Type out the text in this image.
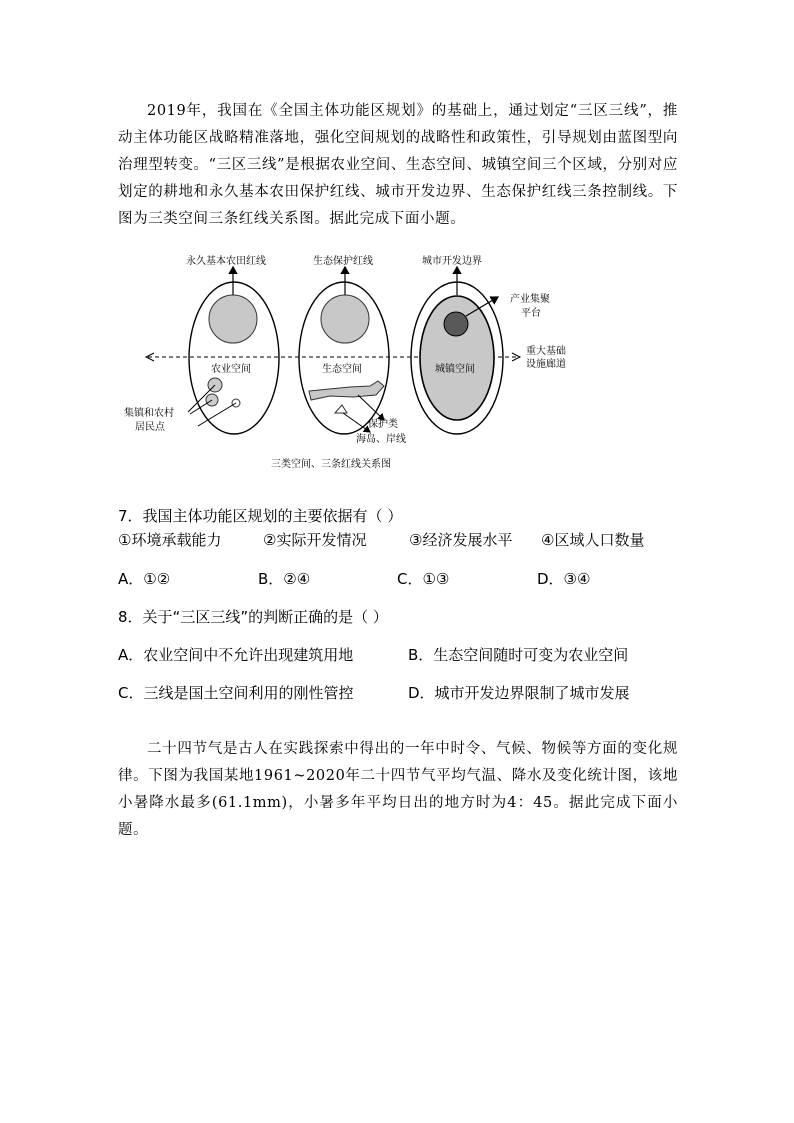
2019年，我国在《全国主体功能区规划》的基础上，通过划定“三区三线”，推动主体功能区战略精准落地，强化空间规划的战略性和政策性，引导规划由蓝图型向治理型转变。“三区三线”是根据农业空间、生态空间、城镇空间三个区域，分别对应划定的耕地和永久基本农田保护红线、城市开发边界、生态保护红线三条控制线。下图为三类空间三条红线关系图。据此完成下面小题。

永久基本农田红线	生态保护红线	城市开发边界
产业集聚
平台
重大基础
设施廊道
农业空间	生态空间	城镇空间
集镇和农村
居民点	保护类
海岛、岸线
三类空间、三条红线关系图
7．我国主体功能区规划的主要依据有（ ）
①环境承载能力	②实际开发情况	③经济发展水平 ④区域人口数量
A．①②	B．②④	C．①③	D．③④
8．关于“三区三线”的判断正确的是（ ）
A．农业空间中不允许出现建筑用地	B．生态空间随时可变为农业空间
C．三线是国土空间利用的刚性管控	D．城市开发边界限制了城市发展

二十四节气是古人在实践探索中得出的一年中时令、气候、物候等方面的变化规律。下图为我国某地1961~2020年二十四节气平均气温、降水及变化统计图，该地小暑降水最多(61.1mm)，小暑多年平均日出的地方时为4：45。据此完成下面小题。
